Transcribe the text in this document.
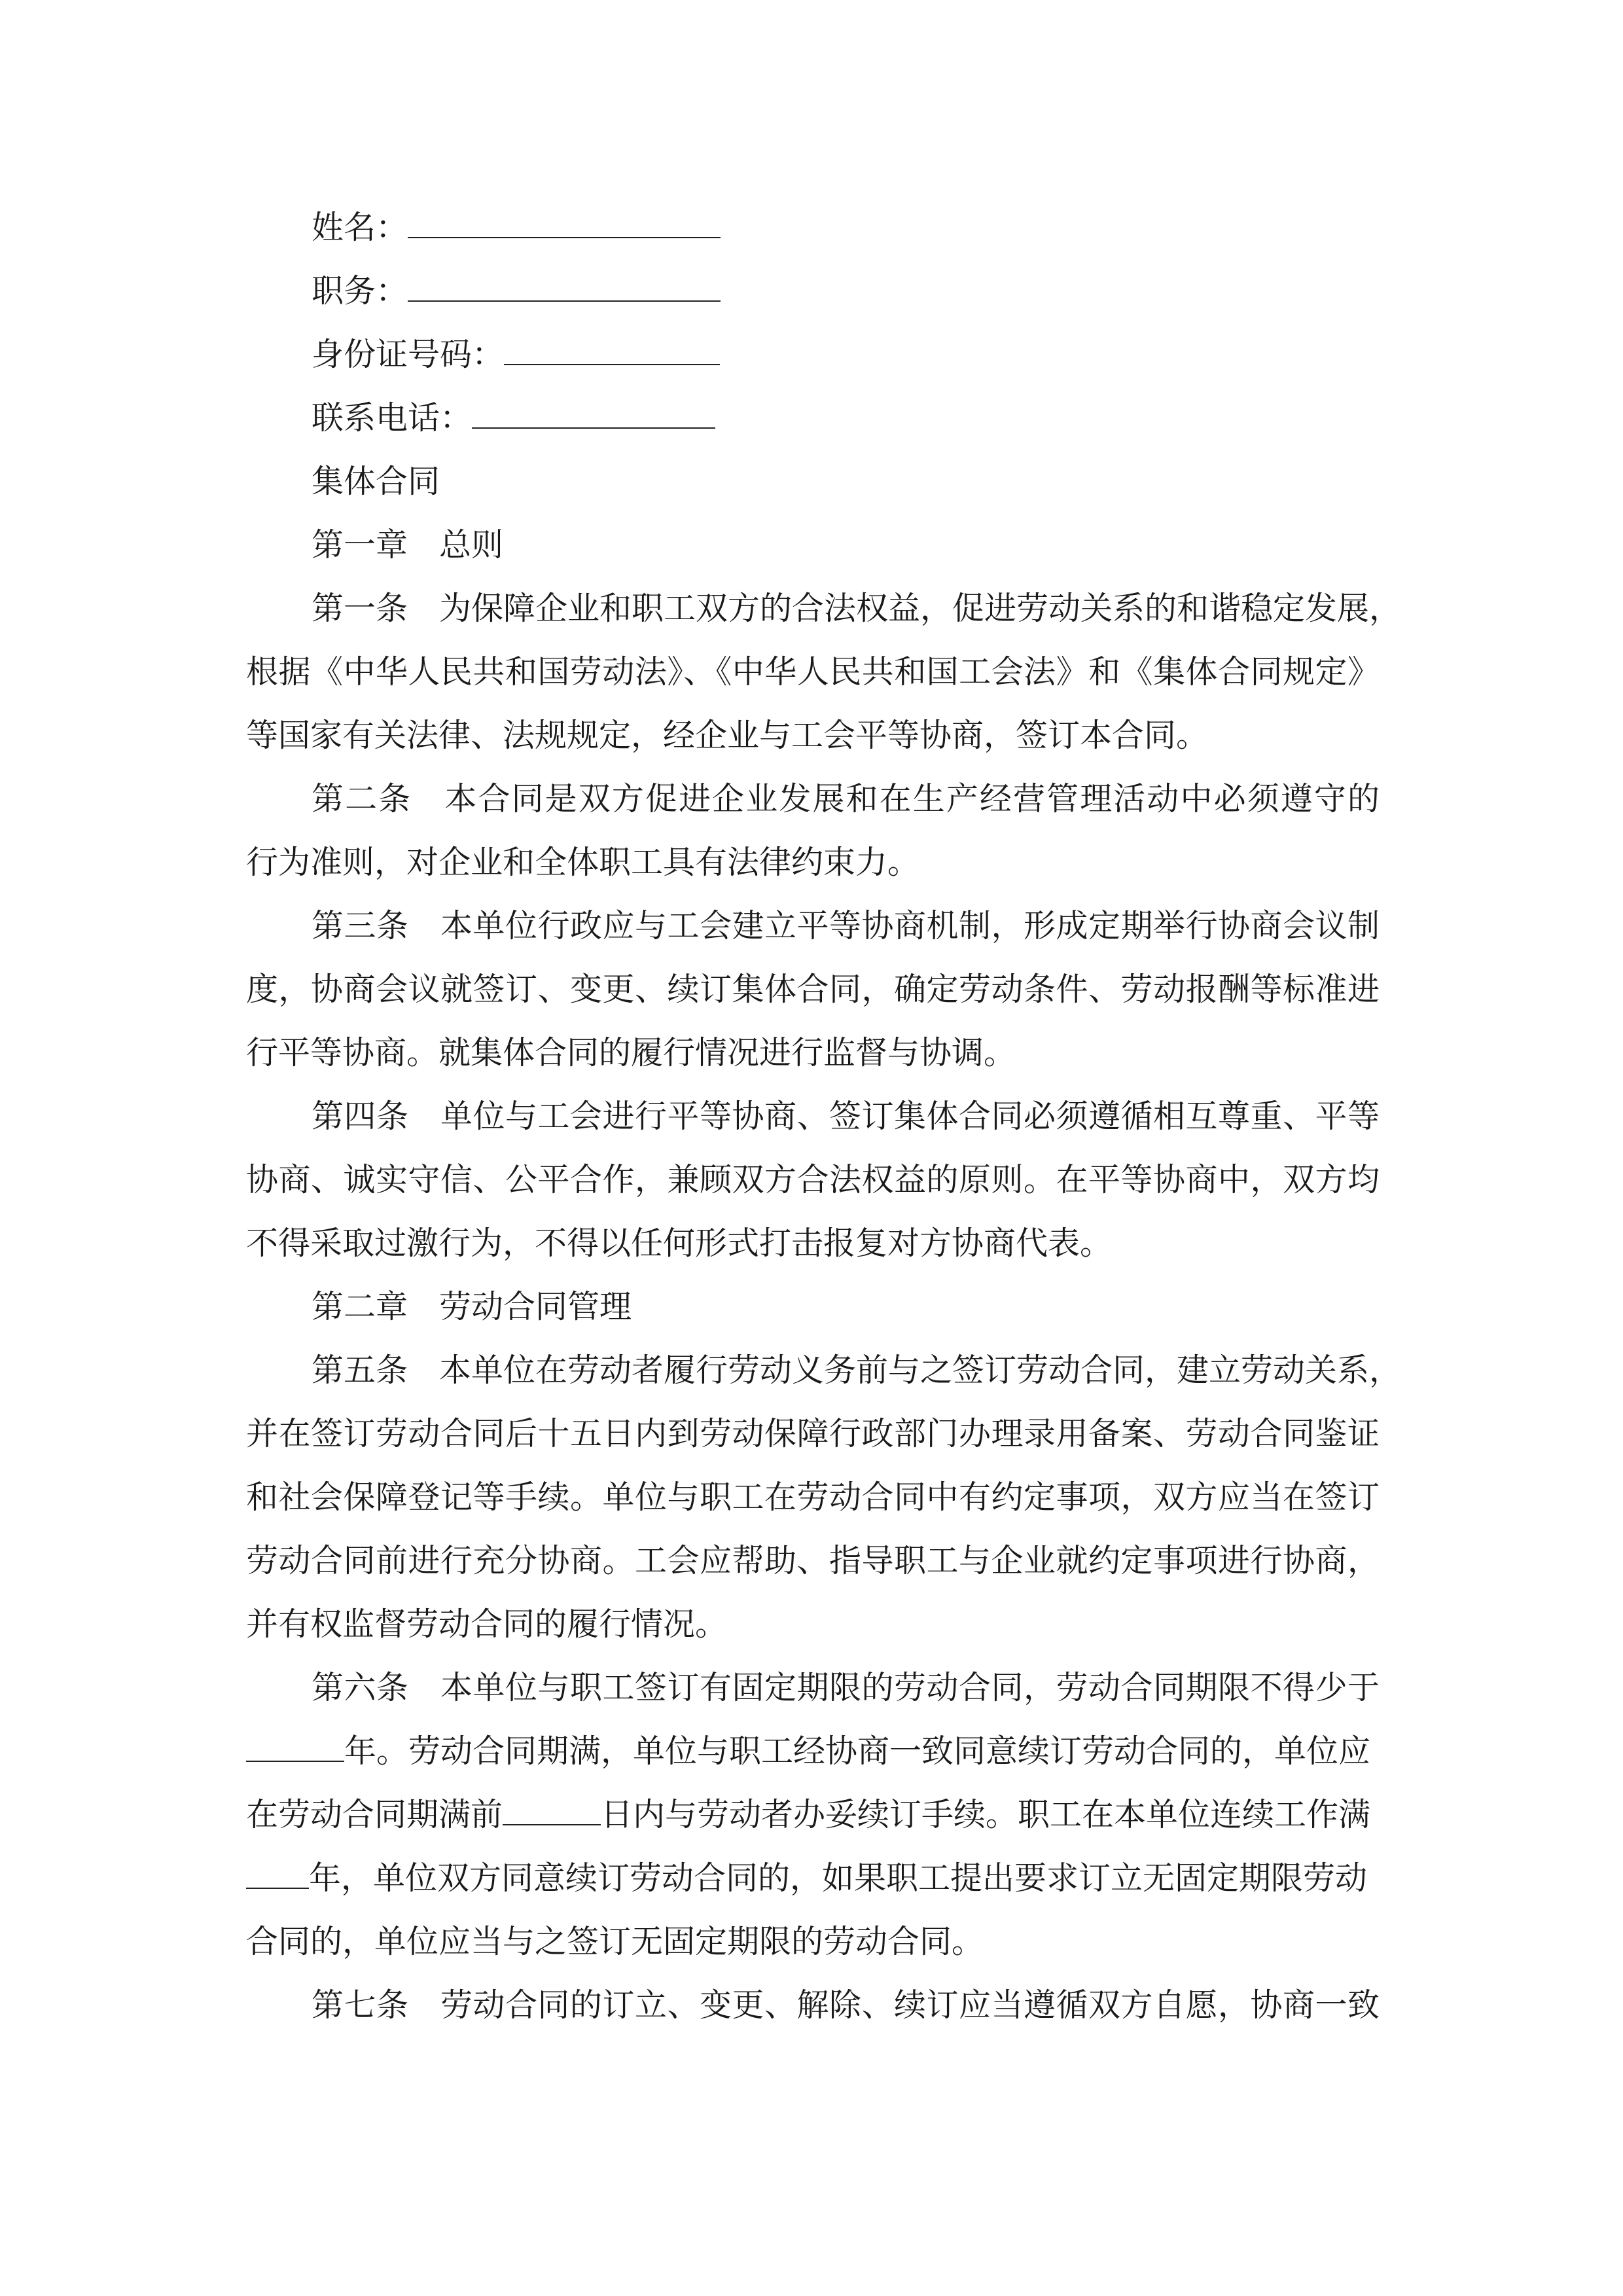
姓名：
职务：
身份证号码：
联系电话：
集体合同
第一章 总则
第一条 为保障企业和职工双方的合法权益，促进劳动关系的和谐稳定发展，
根据《中华人民共和国劳动法》、《中华人民共和国工会法》和《集体合同规定》
等国家有关法律、法规规定，经企业与工会平等协商，签订本合同。
第二条 本合同是双方促进企业发展和在生产经营管理活动中必须遵守的
行为准则，对企业和全体职工具有法律约束力。
第三条 本单位行政应与工会建立平等协商机制，形成定期举行协商会议制
度，协商会议就签订、变更、续订集体合同，确定劳动条件、劳动报酬等标准进
行平等协商。就集体合同的履行情况进行监督与协调。
第四条 单位与工会进行平等协商、签订集体合同必须遵循相互尊重、平等
协商、诚实守信、公平合作，兼顾双方合法权益的原则。在平等协商中，双方均
不得采取过激行为，不得以任何形式打击报复对方协商代表。
第二章 劳动合同管理
第五条 本单位在劳动者履行劳动义务前与之签订劳动合同，建立劳动关系，
并在签订劳动合同后十五日内到劳动保障行政部门办理录用备案、劳动合同鉴证
和社会保障登记等手续。单位与职工在劳动合同中有约定事项，双方应当在签订
劳动合同前进行充分协商。工会应帮助、指导职工与企业就约定事项进行协商，
并有权监督劳动合同的履行情况。
第六条 本单位与职工签订有固定期限的劳动合同，劳动合同期限不得少于
年。劳动合同期满，单位与职工经协商一致同意续订劳动合同的，单位应
在劳动合同期满前	日内与劳动者办妥续订手续。职工在本单位连续工作满
年，单位双方同意续订劳动合同的，如果职工提出要求订立无固定期限劳动
合同的，单位应当与之签订无固定期限的劳动合同。
第七条 劳动合同的订立、变更、解除、续订应当遵循双方自愿，协商一致
